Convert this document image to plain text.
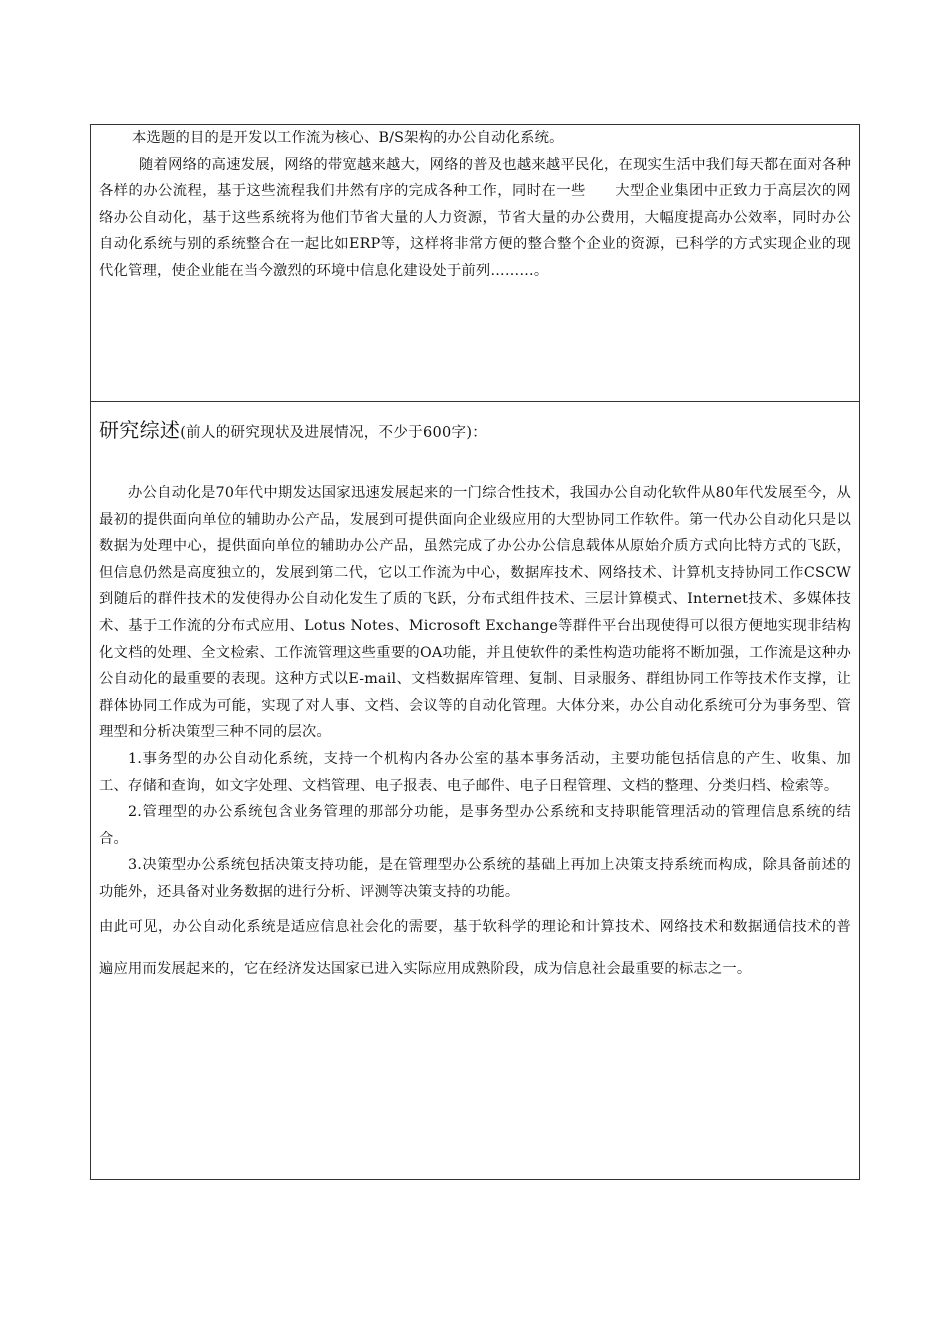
本选题的目的是开发以工作流为核心、B/S架构的办公自动化系统。

随着网络的高速发展，网络的带宽越来越大，网络的普及也越来越平民化，在现实生活中我们每天都在面对各种各样的办公流程，基于这些流程我们井然有序的完成各种工作，同时在一些　　大型企业集团中正致力于高层次的网络办公自动化，基于这些系统将为他们节省大量的人力资源，节省大量的办公费用，大幅度提高办公效率，同时办公自动化系统与别的系统整合在一起比如ERP等，这样将非常方便的整合整个企业的资源，已科学的方式实现企业的现代化管理，使企业能在当今激烈的环境中信息化建设处于前列………。

研究综述(前人的研究现状及进展情况，不少于600字)：

办公自动化是70年代中期发达国家迅速发展起来的一门综合性技术，我国办公自动化软件从80年代发展至今，从最初的提供面向单位的辅助办公产品，发展到可提供面向企业级应用的大型协同工作软件。第一代办公自动化只是以数据为处理中心，提供面向单位的辅助办公产品，虽然完成了办公办公信息载体从原始介质方式向比特方式的飞跃，但信息仍然是高度独立的，发展到第二代，它以工作流为中心，数据库技术、网络技术、计算机支持协同工作CSCW到随后的群件技术的发使得办公自动化发生了质的飞跃，分布式组件技术、三层计算模式、Internet技术、多媒体技术、基于工作流的分布式应用、Lotus Notes、Microsoft Exchange等群件平台出现使得可以很方便地实现非结构化文档的处理、全文检索、工作流管理这些重要的OA功能，并且使软件的柔性构造功能将不断加强，工作流是这种办公自动化的最重要的表现。这种方式以E-mail、文档数据库管理、复制、目录服务、群组协同工作等技术作支撑，让群体协同工作成为可能，实现了对人事、文档、会议等的自动化管理。大体分来，办公自动化系统可分为事务型、管理型和分析决策型三种不同的层次。

1.事务型的办公自动化系统，支持一个机构内各办公室的基本事务活动，主要功能包括信息的产生、收集、加工、存储和查询，如文字处理、文档管理、电子报表、电子邮件、电子日程管理、文档的整理、分类归档、检索等。

2.管理型的办公系统包含业务管理的那部分功能，是事务型办公系统和支持职能管理活动的管理信息系统的结合。

3.决策型办公系统包括决策支持功能，是在管理型办公系统的基础上再加上决策支持系统而构成，除具备前述的功能外，还具备对业务数据的进行分析、评测等决策支持的功能。

由此可见，办公自动化系统是适应信息社会化的需要，基于软科学的理论和计算技术、网络技术和数据通信技术的普遍应用而发展起来的，它在经济发达国家已进入实际应用成熟阶段，成为信息社会最重要的标志之一。
